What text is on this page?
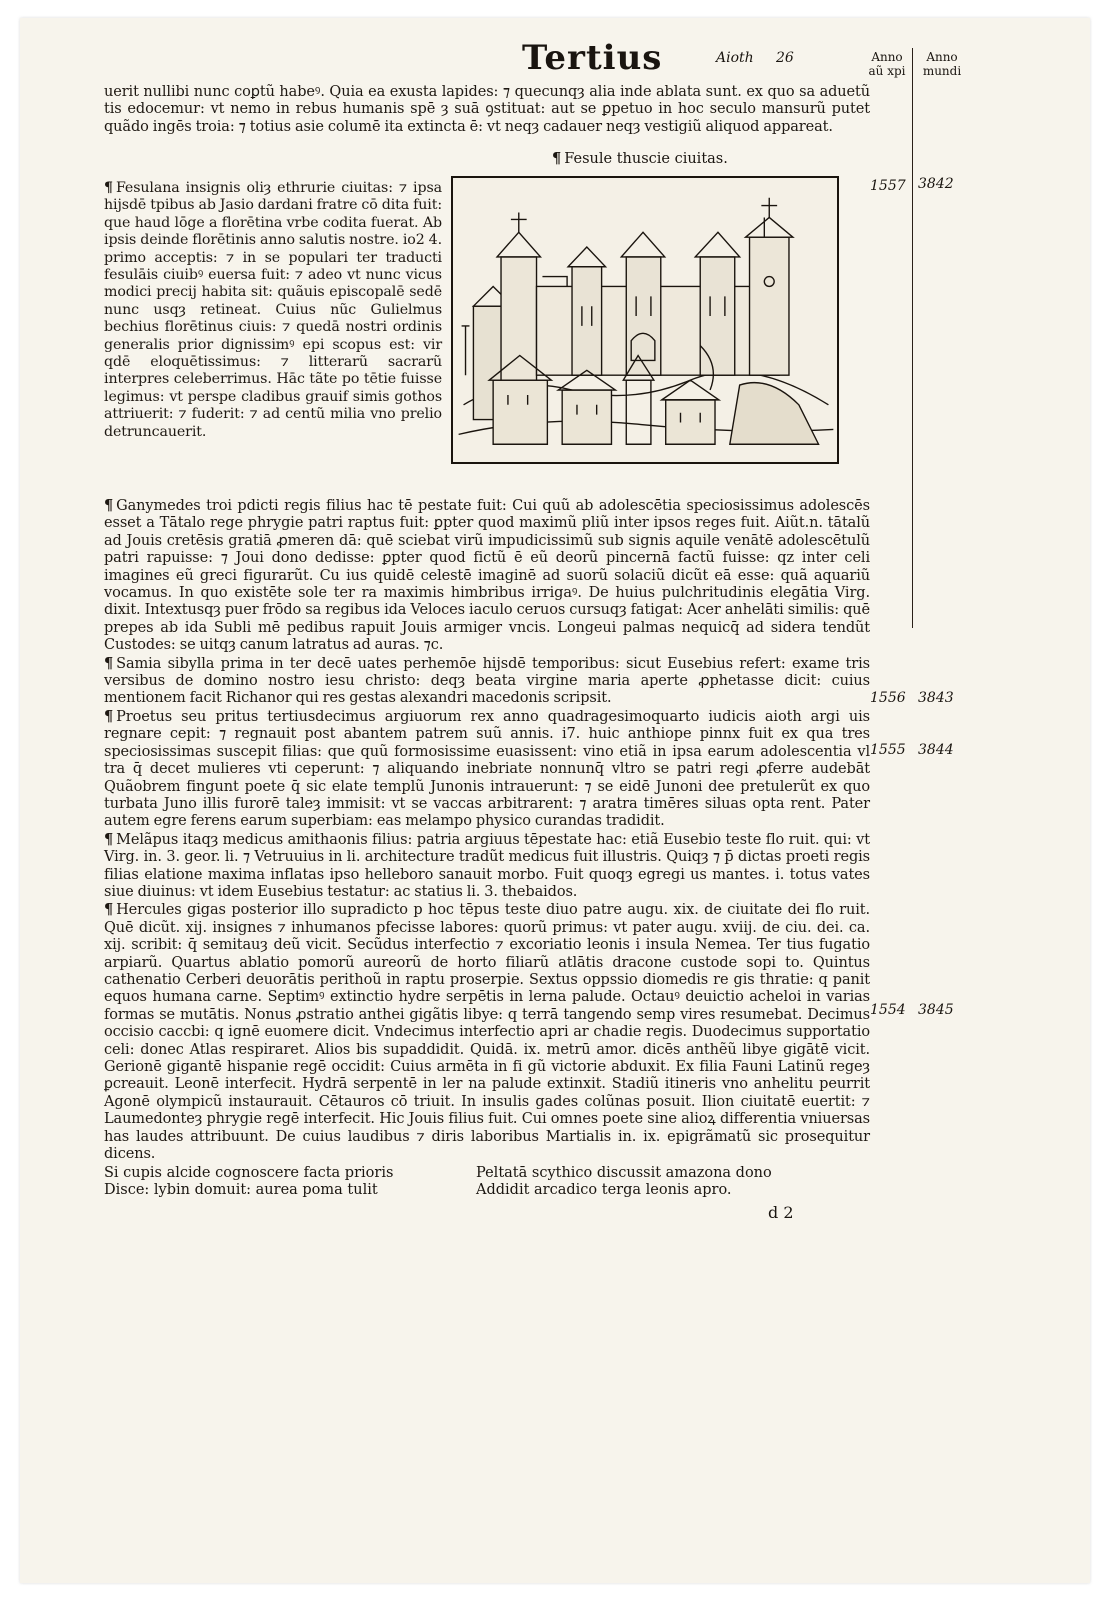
Tertius	Aioth 26	Anno
aũ xpi
Anno
mundi
uerit nullibi nunc coꝑtũ habeꝰ. Quia ea exusta lapides: ⁊ quecunqȝ alia inde ablata sunt. ex quo sa aduetũ tis edocemur: vt nemo in rebus humanis spē ȝ suā ꝯstituat: aut se ꝑpetuo in hoc seculo mansurũ putet quãdo ingēs troia: ⁊ totius asie columē ita extincta ē: vt neqȝ cadauer neqȝ vestigiũ aliquod appareat.
¶ Fesule thuscie ciuitas.
¶ Fesulana insignis oliȝ ethrurie ciuitas: ⁊ ipsa hijsdē tpibus ab Jasio dardani fratre cō dita fuit: que haud lōge a florētina vrbe codita fuerat. Ab ipsis deinde florētinis anno salutis nostre. io2 4. primo acceptis: ⁊ in se populari ter traducti fesulāis ciuibꝰ euersa fuit: ⁊ adeo vt nunc vicus modici precij habita sit: quãuis episcopalē sedē nunc usqȝ retineat. Cuius nũc Gulielmus bechius florētinus ciuis: ⁊ quedā nostri ordinis generalis prior dignissimꝰ epi scopus est: vir qdē eloquētissimus: ⁊ litterarũ sacrarũ interpres celeberrimus. Hāc tãte po tētie fuisse legimus: vt perspe cladibus grauif simis gothos attriuerit: ⁊ fuderit: ⁊ ad centũ milia vno prelio detruncauerit.

¶ Ganymedes troi pdicti regis filius hac tē pestate fuit: Cui quũ ab adolescētia speciosissimus adolescēs esset a Tātalo rege phrygie patri raptus fuit: ꝑpter quod maximũ pliũ inter ipsos reges fuit. Aiũt.n. tātalũ ad Jouis cretēsis gratiā ꝓmeren dā: quē sciebat virũ impudicissimũ sub signis aquile venātē adolescētulũ patri rapuisse: ⁊ Joui dono dedisse: ꝑpter quod fictũ ē eũ deorũ pincernā factũ fuisse: qz inter celi imagines eũ greci figurarũt. Cu ius quidē celestē imaginē ad suorũ solaciũ dicũt eā esse: quã aquariũ vocamus. In quo existēte sole ter ra maximis himbribus irrigaꝰ. De huius pulchritudinis elegātia Virg. dixit. Intextusqȝ puer frōdo sa regibus ida Veloces iaculo ceruos cursuqȝ fatigat: Acer anhelāti similis: quē prepes ab ida Subli mē pedibus rapuit Jouis armiger vncis. Longeui palmas nequicq̄ ad sidera tendũt Custodes: se uitqȝ canum latratus ad auras. ⁊c.

¶ Samia sibylla prima in ter decē uates perhemōe hijsdē temporibus: sicut Eusebius refert: exame tris versibus de domino nostro iesu christo: deqȝ beata virgine maria aperte ꝓphetasse dicit: cuius mentionem facit Richanor qui res gestas alexandri macedonis scripsit.

¶ Proetus seu pritus tertiusdecimus argiuorum rex anno quadragesimoquarto iudicis aioth argi uis regnare cepit: ⁊ regnauit post abantem patrem suũ annis. i7. huic anthiope pinnx fuit ex qua tres speciosissimas suscepit filias: que quũ formosissime euasissent: vino etiã in ipsa earum adolescentia vl tra q̄ decet mulieres vti ceperunt: ⁊ aliquando inebriate nonnunq̄ vltro se patri regi ꝓferre audebāt Quãobrem fingunt poete q̄ sic elate templũ Junonis intrauerunt: ⁊ se eidē Junoni dee pretulerũt ex quo turbata Juno illis furorē taleȝ immisit: vt se vaccas arbitrarent: ⁊ aratra timēres siluas opta rent. Pater autem egre ferens earum superbiam: eas melampo physico curandas tradidit.

¶ Melãpus itaqȝ medicus amithaonis filius: patria argiuus tēpestate hac: etiã Eusebio teste flo ruit. qui: vt Virg. in. 3. geor. li. ⁊ Vetruuius in li. architecture tradũt medicus fuit illustris. Quiqȝ ⁊ p̄ dictas proeti regis filias elatione maxima inflatas ipso helleboro sanauit morbo. Fuit quoqȝ egregi us mantes. i. totus vates siue diuinus: vt idem Eusebius testatur: ac statius li. 3. thebaidos.

¶ Hercules gigas posterior illo supradicto p hoc tēpus teste diuo patre augu. xix. de ciuitate dei flo ruit. Quē dicũt. xij. insignes ⁊ inhumanos pfecisse labores: quorũ primus: vt pater augu. xviij. de ciu. dei. ca. xij. scribit: q̄ semitauȝ deũ vicit. Secũdus interfectio ⁊ excoriatio leonis i insula Nemea. Ter tius fugatio arpiarũ. Quartus ablatio pomorũ aureorũ de horto filiarũ atlātis dracone custode sopi to. Quintus cathenatio Cerberi deuorātis perithoũ in raptu proserpie. Sextus oppssio diomedis re gis thratie: q panit equos humana carne. Septimꝰ extinctio hydre serpētis in lerna palude. Octauꝰ deuictio acheloi in varias formas se mutātis. Nonus ꝓstratio anthei gigãtis libye: q terrā tangendo semp vires resumebat. Decimus occisio caccbi: q ignē euomere dicit. Vndecimus interfectio apri ar chadie regis. Duodecimus supportatio celi: donec Atlas respiraret. Alios bis supaddidit. Quidā. ix. metrū amor. dicēs anthẽũ libye gigātē vicit. Gerionē gigantē hispanie regē occidit: Cuius armēta in fi gũ victorie abduxit. Ex filia Fauni Latinũ regeȝ ꝑcreauit. Leonē interfecit. Hydrā serpentē in ler na palude extinxit. Stadiũ itineris vno anhelitu peurrit Agonē olympicũ instaurauit. Cētauros cō triuit. In insulis gades colũnas posuit. Ilion ciuitatē euertit: ⁊ Laumedonteȝ phrygie regē interfecit. Hic Jouis filius fuit. Cui omnes poete sine alioꝝ differentia vniuersas has laudes attribuunt. De cuius laudibus ⁊ diris laboribus Martialis in. ix. epigrãmatũ sic prosequitur dicens.

Si cupis alcide cognoscere facta prioris
Disce: lybin domuit: aurea poma tulit
Peltatā scythico discussit amazona dono
Addidit arcadico terga leonis apro.
d 2
1557 3842
1556 3843
1555 3844
1554 3845
